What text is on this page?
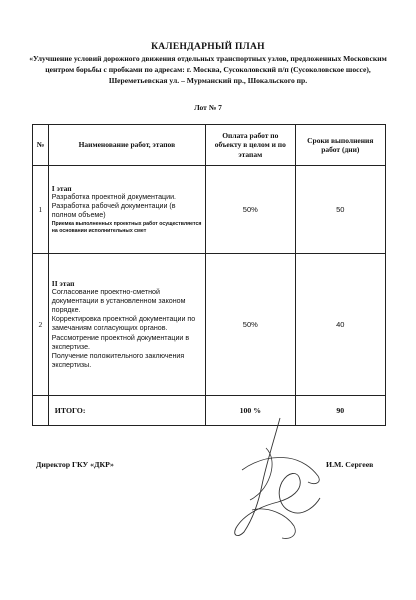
КАЛЕНДАРНЫЙ ПЛАН
«Улучшение условий дорожного движения отдельных транспортных узлов, предложенных Московским центром борьбы с пробками по адресам: г. Москва, Сусоколовский п/п (Сусоколовское шоссе), Шереметьевская ул. – Мурманский пр., Шокальского пр.
Лот № 7
№	Наименование работ, этапов	Оплата работ по объекту в целом и по этапам	Сроки выполнения работ (дни)
1	I этап
Разработка проектной документации. Разработка рабочей документации (в полном объеме)
Приемка выполненных проектных работ осуществляется на основании исполнительных смет	50%	50
2	II этап
Согласование проектно-сметной документации в установленном законом порядке.
Корректировка проектной документации по замечаниям согласующих органов.
Рассмотрение проектной документации в экспертизе.
Получение положительного заключения экспертизы.	50%	40
	ИТОГО:	100 %	90
Директор ГКУ «ДКР»	И.М. Сергеев
